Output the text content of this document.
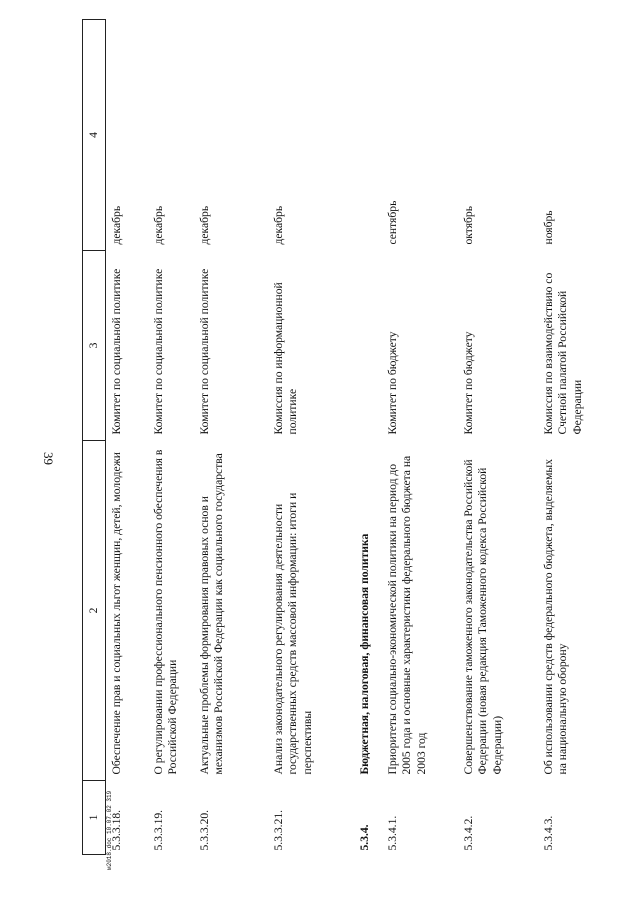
39
1	2	3	4
5.3.3.18.	Обеспечение прав и социальных льгот женщин, детей, молодежи	Комитет по социальной политике	декабрь
5.3.3.19.	О регулировании профессионального пенсионного обеспечения в Российской Федерации	Комитет по социальной политике	декабрь
5.3.3.20.	Актуальные проблемы формирования правовых основ и механизмов Российской Федерации как социального государства	Комитет по социальной политике	декабрь
5.3.3.21.	Анализ законодательного регулирования деятельности государственных средств массовой информации: итоги и перспективы	Комиссия по информационной политике	декабрь
5.3.4.	Бюджетная, налоговая, финансовая политика		
5.3.4.1.	Приоритеты социально-экономической политики на период до 2005 года и основные характеристики федерального бюджета на 2003 год	Комитет по бюджету	сентябрь
5.3.4.2.	Совершенствование таможенного законодательства Российской Федерации (новая редакция Таможенного кодекса Российской Федерации)	Комитет по бюджету	октябрь
5.3.4.3.	Об использовании средств федерального бюджета, выделяемых на национальную оборону	Комиссия по взаимодействию со Счетной палатой Российской Федерации	ноябрь
м2018.doc 10.07.02 319
